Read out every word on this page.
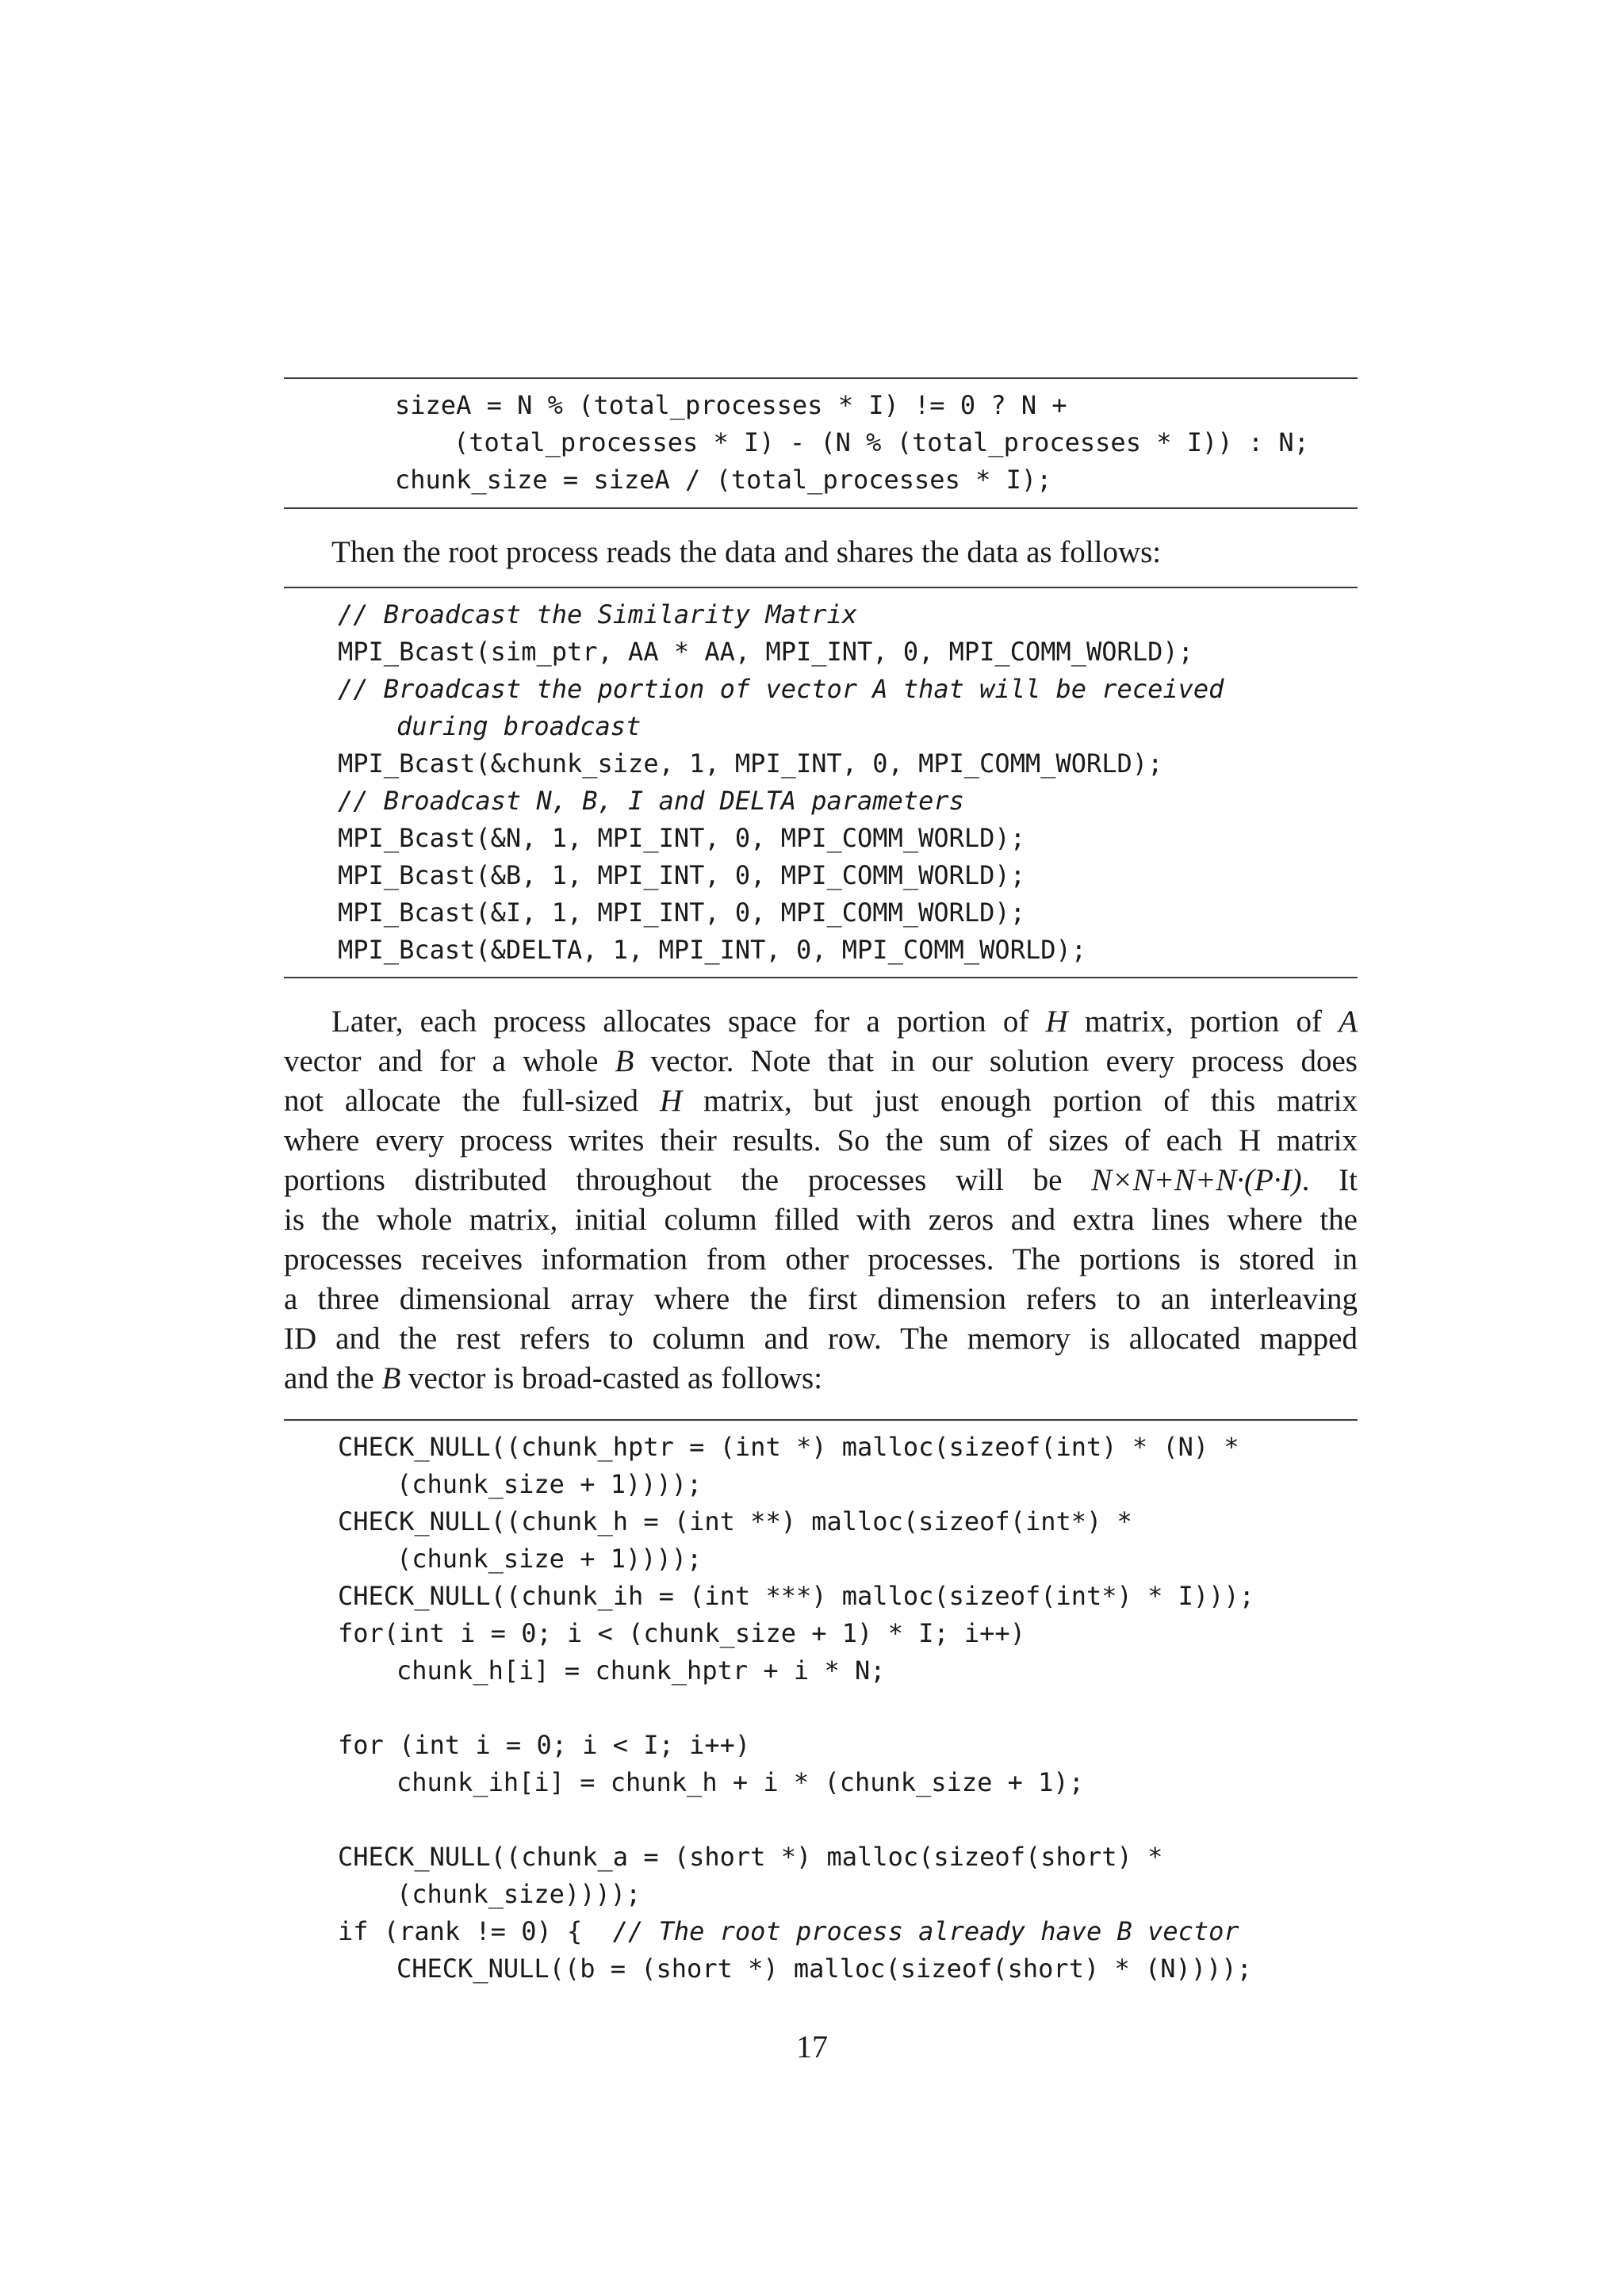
sizeA = N % (total_processes * I) != 0 ? N +
(total_processes * I) - (N % (total_processes * I)) : N;
chunk_size = sizeA / (total_processes * I);
Then the root process reads the data and shares the data as follows:
// Broadcast the Similarity Matrix
MPI_Bcast(sim_ptr, AA * AA, MPI_INT, 0, MPI_COMM_WORLD);
// Broadcast the portion of vector A that will be received
during broadcast
MPI_Bcast(&chunk_size, 1, MPI_INT, 0, MPI_COMM_WORLD);
// Broadcast N, B, I and DELTA parameters
MPI_Bcast(&N, 1, MPI_INT, 0, MPI_COMM_WORLD);
MPI_Bcast(&B, 1, MPI_INT, 0, MPI_COMM_WORLD);
MPI_Bcast(&I, 1, MPI_INT, 0, MPI_COMM_WORLD);
MPI_Bcast(&DELTA, 1, MPI_INT, 0, MPI_COMM_WORLD);
Later, each process allocates space for a portion of H matrix, portion of A
vector and for a whole B vector. Note that in our solution every process does
not allocate the full-sized H matrix, but just enough portion of this matrix
where every process writes their results. So the sum of sizes of each H matrix
portions distributed throughout the processes will be N×N+N+N·(P·I). It
is the whole matrix, initial column filled with zeros and extra lines where the
processes receives information from other processes. The portions is stored in
a three dimensional array where the first dimension refers to an interleaving
ID and the rest refers to column and row. The memory is allocated mapped
and the B vector is broad-casted as follows:
CHECK_NULL((chunk_hptr = (int *) malloc(sizeof(int) * (N) *
(chunk_size + 1))));
CHECK_NULL((chunk_h = (int **) malloc(sizeof(int*) *
(chunk_size + 1))));
CHECK_NULL((chunk_ih = (int ***) malloc(sizeof(int*) * I)));
for(int i = 0; i < (chunk_size + 1) * I; i++)
chunk_h[i] = chunk_hptr + i * N;
for (int i = 0; i < I; i++)
chunk_ih[i] = chunk_h + i * (chunk_size + 1);
CHECK_NULL((chunk_a = (short *) malloc(sizeof(short) *
(chunk_size))));
if (rank != 0) {  // The root process already have B vector
CHECK_NULL((b = (short *) malloc(sizeof(short) * (N))));
17
